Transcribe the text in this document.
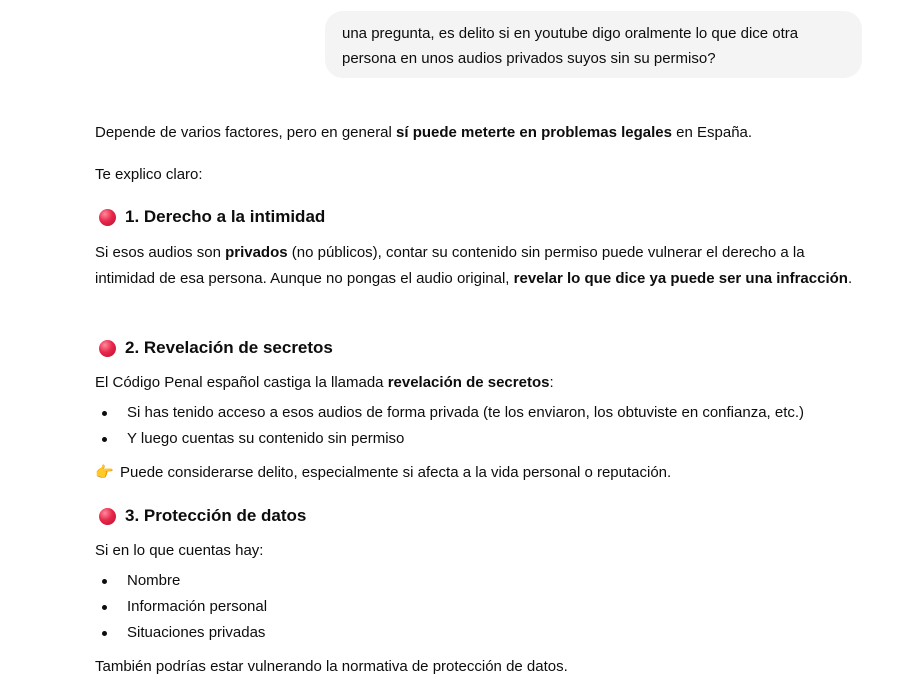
una pregunta, es delito si en youtube digo oralmente lo que dice otra
persona en unos audios privados suyos sin su permiso?
Depende de varios factores, pero en general sí puede meterte en problemas legales en España.
Te explico claro:
1. Derecho a la intimidad
Si esos audios son privados (no públicos), contar su contenido sin permiso puede vulnerar el derecho a la intimidad de esa persona. Aunque no pongas el audio original, revelar lo que dice ya puede ser una infracción.
2. Revelación de secretos
El Código Penal español castiga la llamada revelación de secretos:
Si has tenido acceso a esos audios de forma privada (te los enviaron, los obtuviste en confianza, etc.)
Y luego cuentas su contenido sin permiso
👉 Puede considerarse delito, especialmente si afecta a la vida personal o reputación.
3. Protección de datos
Si en lo que cuentas hay:
Nombre
Información personal
Situaciones privadas
También podrías estar vulnerando la normativa de protección de datos.
